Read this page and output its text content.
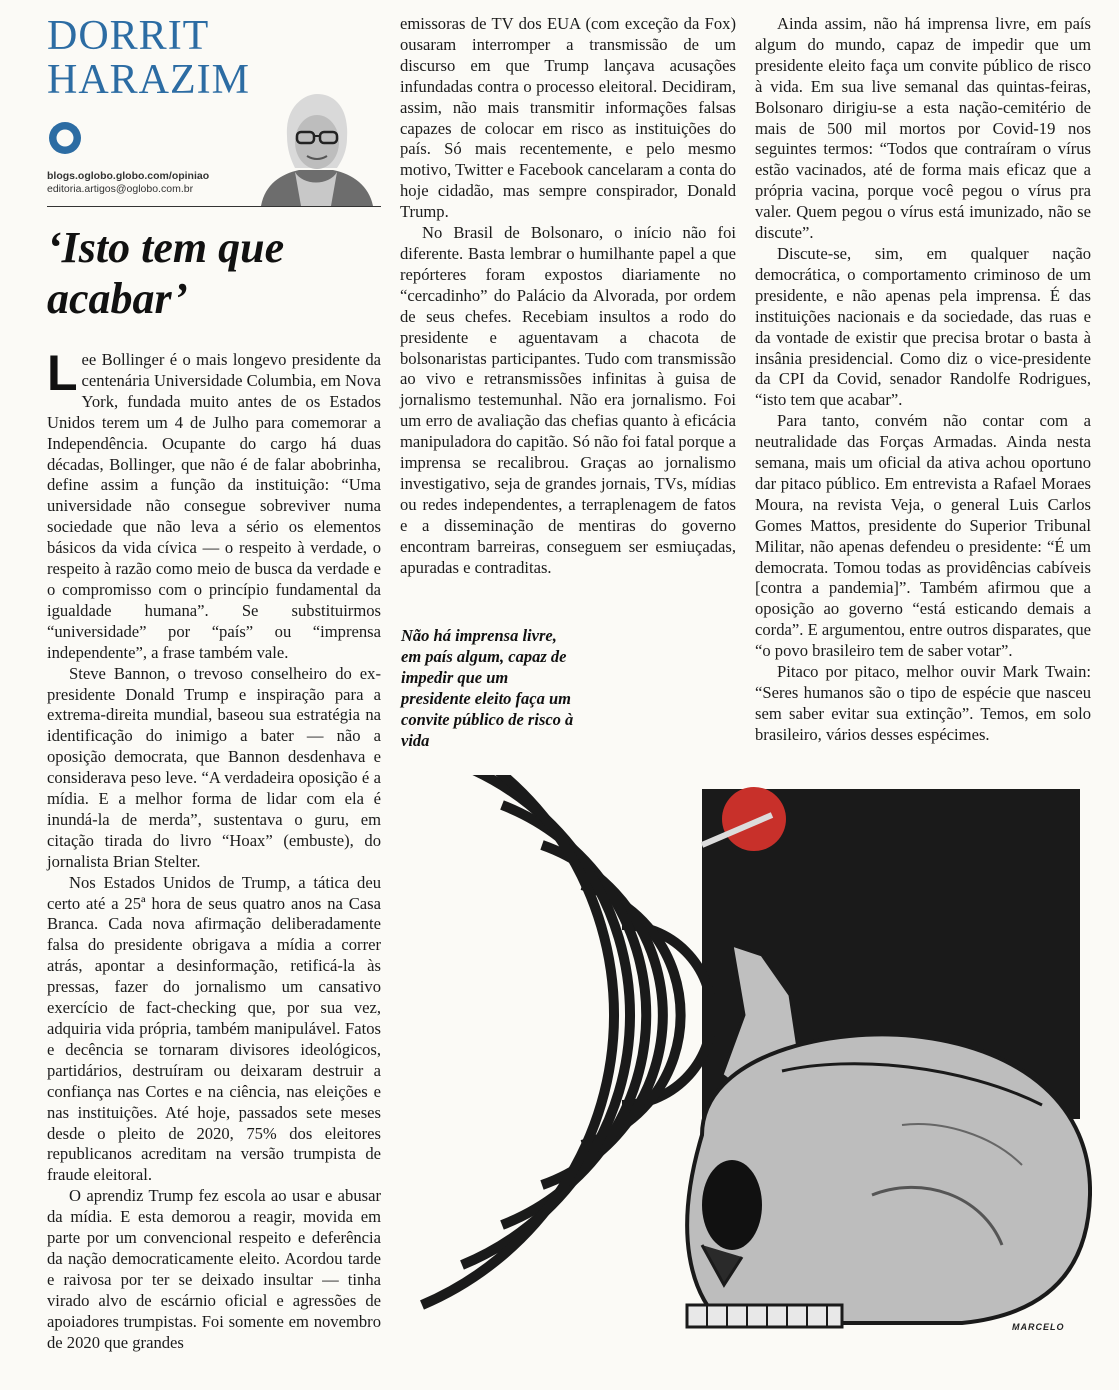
DORRIT
HARAZIM
blogs.oglobo.globo.com/opiniao
editoria.artigos@oglobo.com.br
‘Isto tem que acabar’

Lee Bollinger é o mais longevo presidente da centenária Universidade Columbia, em Nova York, fundada muito antes de os Estados Unidos terem um 4 de Julho para comemorar a Independência. Ocupante do cargo há duas décadas, Bollinger, que não é de falar abobrinha, define assim a função da instituição: “Uma universidade não consegue sobreviver numa sociedade que não leva a sério os elementos básicos da vida cívica — o respeito à verdade, o respeito à razão como meio de busca da verdade e o compromisso com o princípio fundamental da igualdade humana”. Se substituirmos “universidade” por “país” ou “imprensa independente”, a frase também vale.

Steve Bannon, o trevoso conselheiro do ex-presidente Donald Trump e inspiração para a extrema-direita mundial, baseou sua estratégia na identificação do inimigo a bater — não a oposição democrata, que Bannon desdenhava e considerava peso leve. “A verdadeira oposição é a mídia. E a melhor forma de lidar com ela é inundá-la de merda”, sustentava o guru, em citação tirada do livro “Hoax” (embuste), do jornalista Brian Stelter.

Nos Estados Unidos de Trump, a tática deu certo até a 25ª hora de seus quatro anos na Casa Branca. Cada nova afirmação deliberadamente falsa do presidente obrigava a mídia a correr atrás, apontar a desinformação, retificá-la às pressas, fazer do jornalismo um cansativo exercício de fact-checking que, por sua vez, adquiria vida própria, também manipulável. Fatos e decência se tornaram divisores ideológicos, partidários, destruíram ou deixaram destruir a confiança nas Cortes e na ciência, nas eleições e nas instituições. Até hoje, passados sete meses desde o pleito de 2020, 75% dos eleitores republicanos acreditam na versão trumpista de fraude eleitoral.

O aprendiz Trump fez escola ao usar e abusar da mídia. E esta demorou a reagir, movida em parte por um convencional respeito e deferência da nação democraticamente eleito. Acordou tarde e raivosa por ter se deixado insultar — tinha virado alvo de escárnio oficial e agressões de apoiadores trumpistas. Foi somente em novembro de 2020 que grandes

emissoras de TV dos EUA (com exceção da Fox) ousaram interromper a transmissão de um discurso em que Trump lançava acusações infundadas contra o processo eleitoral. Decidiram, assim, não mais transmitir informações falsas capazes de colocar em risco as instituições do país. Só mais recentemente, e pelo mesmo motivo, Twitter e Facebook cancelaram a conta do hoje cidadão, mas sempre conspirador, Donald Trump.

No Brasil de Bolsonaro, o início não foi diferente. Basta lembrar o humilhante papel a que repórteres foram expostos diariamente no “cercadinho” do Palácio da Alvorada, por ordem de seus chefes. Recebiam insultos a rodo do presidente e aguentavam a chacota de bolsonaristas participantes. Tudo com transmissão ao vivo e retransmissões infinitas à guisa de jornalismo testemunhal. Não era jornalismo. Foi um erro de avaliação das chefias quanto à eficácia manipuladora do capitão. Só não foi fatal porque a imprensa se recalibrou. Graças ao jornalismo investigativo, seja de grandes jornais, TVs, mídias ou redes independentes, a terraplenagem de fatos e a disseminação de mentiras do governo encontram barreiras, conseguem ser esmiuçadas, apuradas e contraditas.

Não há imprensa livre, em país algum, capaz de impedir que um presidente eleito faça um convite público de risco à vida

Ainda assim, não há imprensa livre, em país algum do mundo, capaz de impedir que um presidente eleito faça um convite público de risco à vida. Em sua live semanal das quintas-feiras, Bolsonaro dirigiu-se a esta nação-cemitério de mais de 500 mil mortos por Covid-19 nos seguintes termos: “Todos que contraíram o vírus estão vacinados, até de forma mais eficaz que a própria vacina, porque você pegou o vírus pra valer. Quem pegou o vírus está imunizado, não se discute”.

Discute-se, sim, em qualquer nação democrática, o comportamento criminoso de um presidente, e não apenas pela imprensa. É das instituições nacionais e da sociedade, das ruas e da vontade de existir que precisa brotar o basta à insânia presidencial. Como diz o vice-presidente da CPI da Covid, senador Randolfe Rodrigues, “isto tem que acabar”.

Para tanto, convém não contar com a neutralidade das Forças Armadas. Ainda nesta semana, mais um oficial da ativa achou oportuno dar pitaco público. Em entrevista a Rafael Moraes Moura, na revista Veja, o general Luis Carlos Gomes Mattos, presidente do Superior Tribunal Militar, não apenas defendeu o presidente: “É um democrata. Tomou todas as providências cabíveis [contra a pandemia]”. Também afirmou que a oposição ao governo “está esticando demais a corda”. E argumentou, entre outros disparates, que “o povo brasileiro tem de saber votar”.

Pitaco por pitaco, melhor ouvir Mark Twain: “Seres humanos são o tipo de espécie que nasceu sem saber evitar sua extinção”. Temos, em solo brasileiro, vários desses espécimes.

MARCELO
